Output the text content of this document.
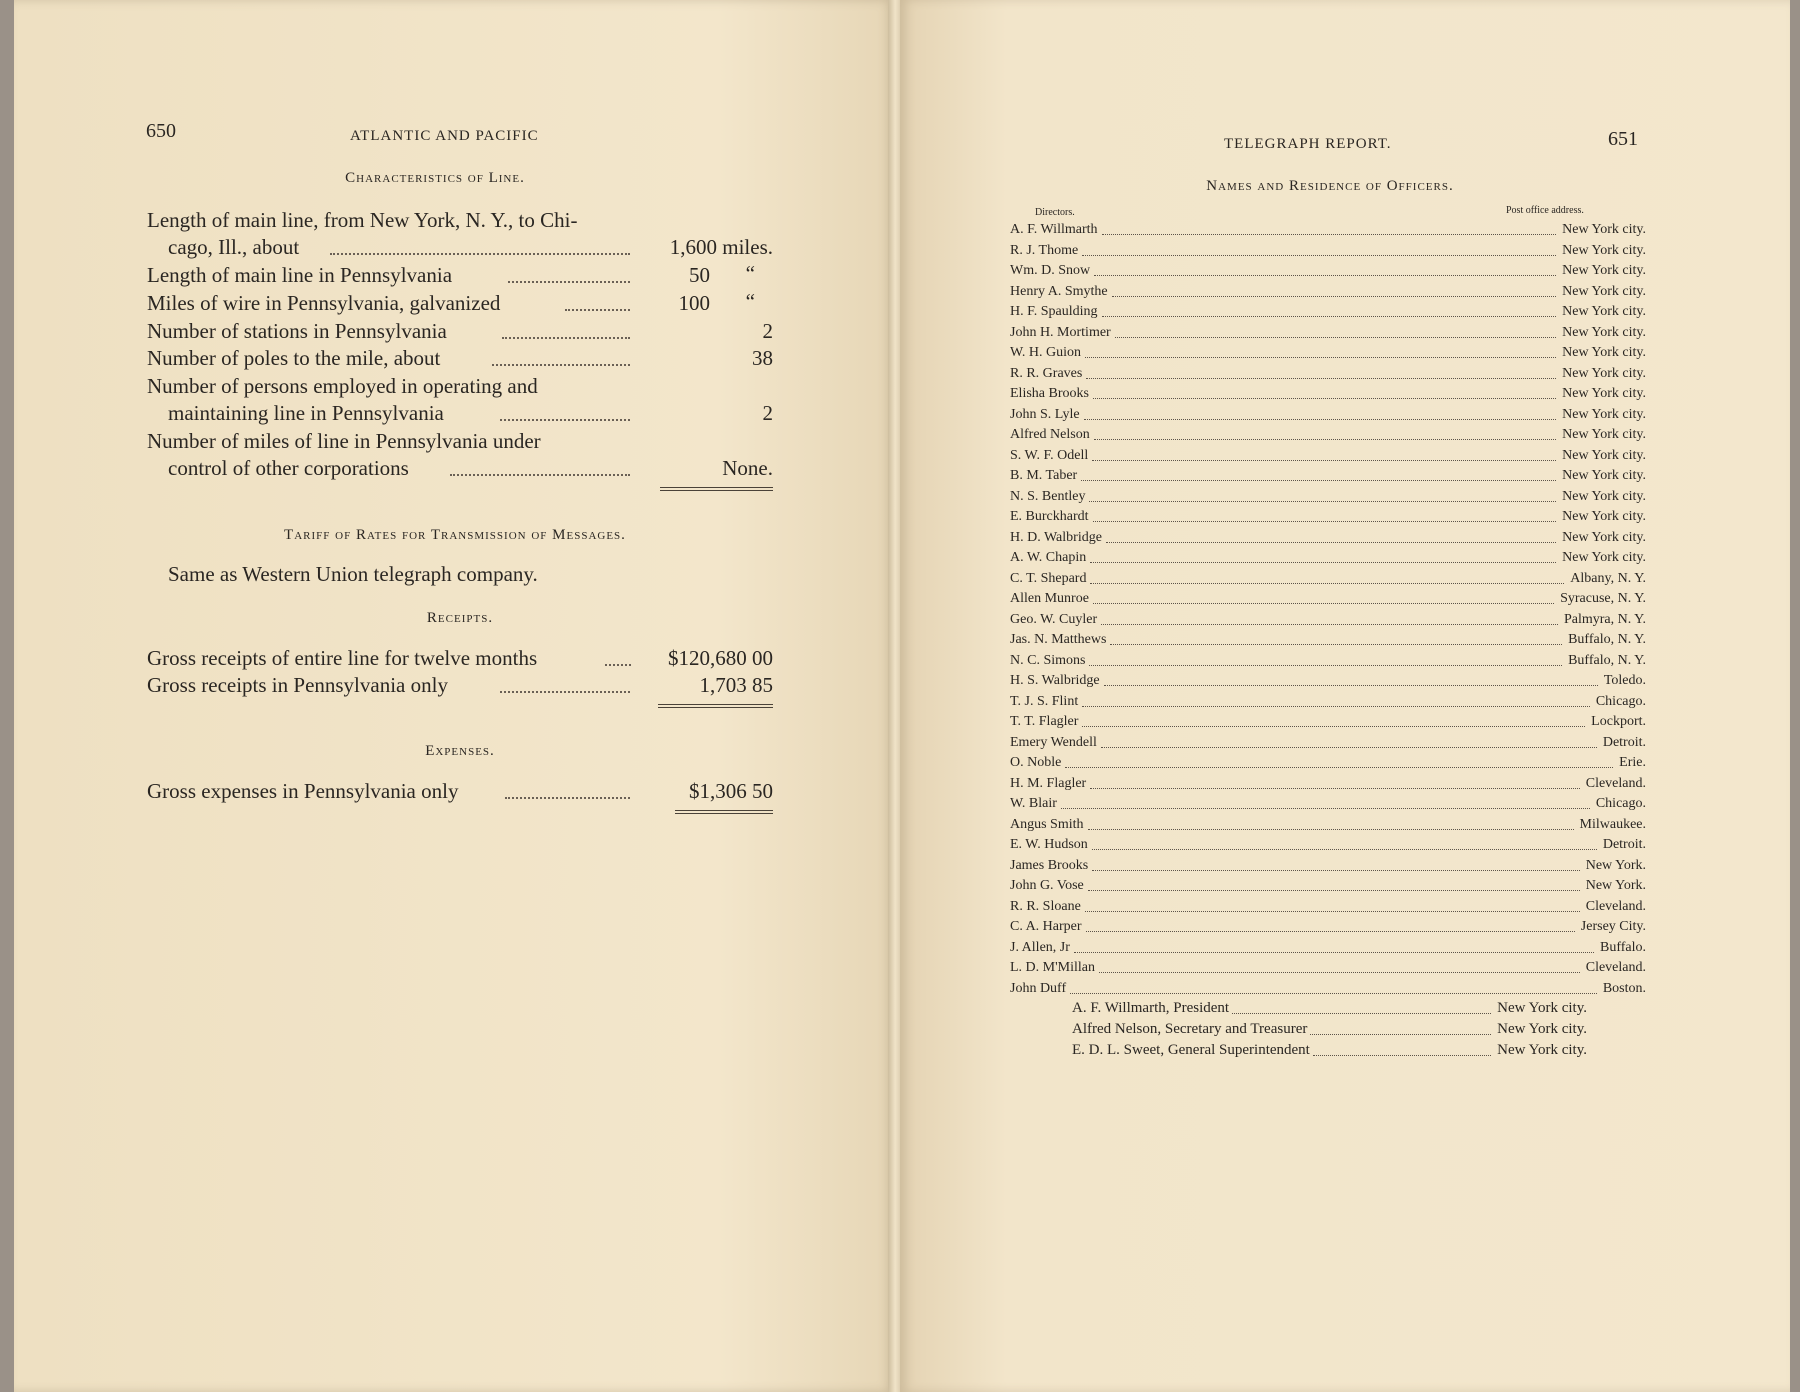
650	ATLANTIC AND PACIFIC
Characteristics of Line.
Length of main line, from New York, N. Y., to Chi-
cago, Ill., about	1,600 miles.
Length of main line in Pennsylvania	50	“
Miles of wire in Pennsylvania, galvanized	100	“
Number of stations in Pennsylvania	2
Number of poles to the mile, about	38
Number of persons employed in operating and
maintaining line in Pennsylvania	2
Number of miles of line in Pennsylvania under
control of other corporations	None.
Tariff of Rates for Transmission of Messages.
Same as Western Union telegraph company.
Receipts.
Gross receipts of entire line for twelve months	$120,680 00
Gross receipts in Pennsylvania only	1,703 85
Expenses.
Gross expenses in Pennsylvania only	$1,306 50
TELEGRAPH REPORT.	651
Names and Residence of Officers.
Directors.	Post office address.
A. F. Willmarth	New York city.
R. J. Thome	New York city.
Wm. D. Snow	New York city.
Henry A. Smythe	New York city.
H. F. Spaulding	New York city.
John H. Mortimer	New York city.
W. H. Guion	New York city.
R. R. Graves	New York city.
Elisha Brooks	New York city.
John S. Lyle	New York city.
Alfred Nelson	New York city.
S. W. F. Odell	New York city.
B. M. Taber	New York city.
N. S. Bentley	New York city.
E. Burckhardt	New York city.
H. D. Walbridge	New York city.
A. W. Chapin	New York city.
C. T. Shepard	Albany, N. Y.
Allen Munroe	Syracuse, N. Y.
Geo. W. Cuyler	Palmyra, N. Y.
Jas. N. Matthews	Buffalo, N. Y.
N. C. Simons	Buffalo, N. Y.
H. S. Walbridge	Toledo.
T. J. S. Flint	Chicago.
T. T. Flagler	Lockport.
Emery Wendell	Detroit.
O. Noble	Erie.
H. M. Flagler	Cleveland.
W. Blair	Chicago.
Angus Smith	Milwaukee.
E. W. Hudson	Detroit.
James Brooks	New York.
John G. Vose	New York.
R. R. Sloane	Cleveland.
C. A. Harper	Jersey City.
J. Allen, Jr	Buffalo.
L. D. M'Millan	Cleveland.
John Duff	Boston.
A. F. Willmarth, President	New York city.
Alfred Nelson, Secretary and Treasurer	New York city.
E. D. L. Sweet, General Superintendent	New York city.
